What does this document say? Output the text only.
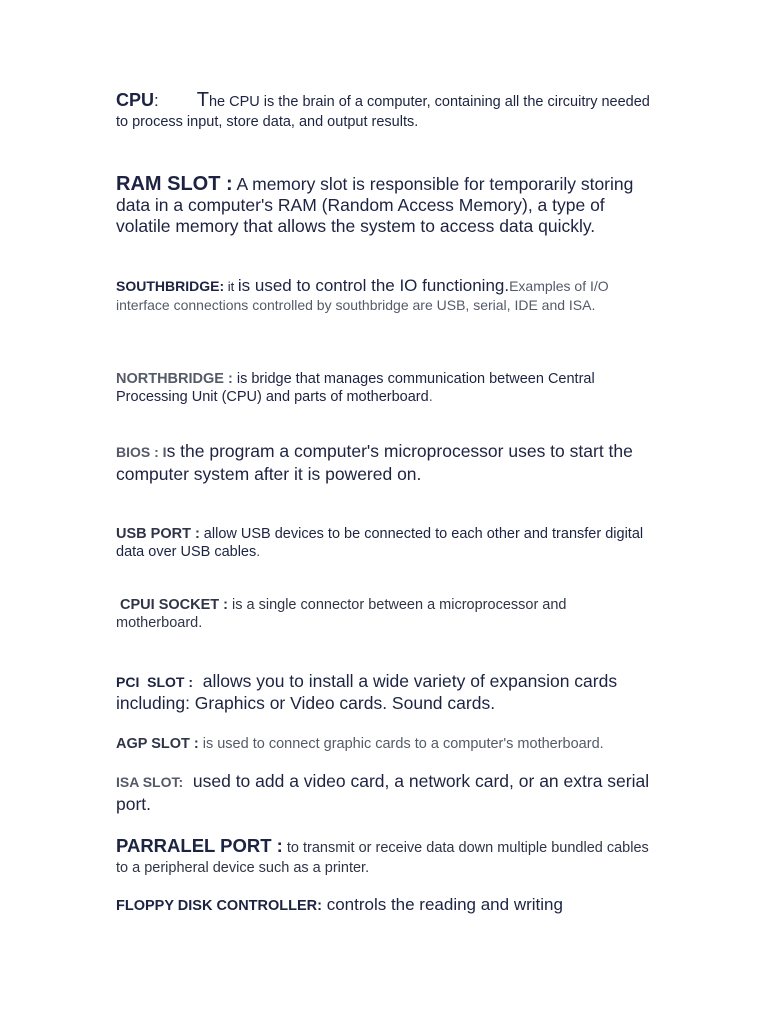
CPU: The CPU is the brain of a computer, containing all the circuitry needed to process input, store data, and output results.

RAM SLOT : A memory slot is responsible for temporarily storing data in a computer's RAM (Random Access Memory), a type of volatile memory that allows the system to access data quickly.

SOUTHBRIDGE: it is used to control the IO functioning.Examples of I/O interface connections controlled by southbridge are USB, serial, IDE and ISA.

NORTHBRIDGE : is bridge that manages communication between Central Processing Unit (CPU) and parts of motherboard.

BIOS : Is the program a computer's microprocessor uses to start the computer system after it is powered on.

USB PORT : allow USB devices to be connected to each other and transfer digital data over USB cables.

CPUI SOCKET : is a single connector between a microprocessor and motherboard.

PCI  SLOT :  allows you to install a wide variety of expansion cards including: Graphics or Video cards. Sound cards.

AGP SLOT : is used to connect graphic cards to a computer's motherboard.

ISA SLOT:  used to add a video card, a network card, or an extra serial port.

PARRALEL PORT : to transmit or receive data down multiple bundled cables to a peripheral device such as a printer.

FLOPPY DISK CONTROLLER: controls the reading and writing
